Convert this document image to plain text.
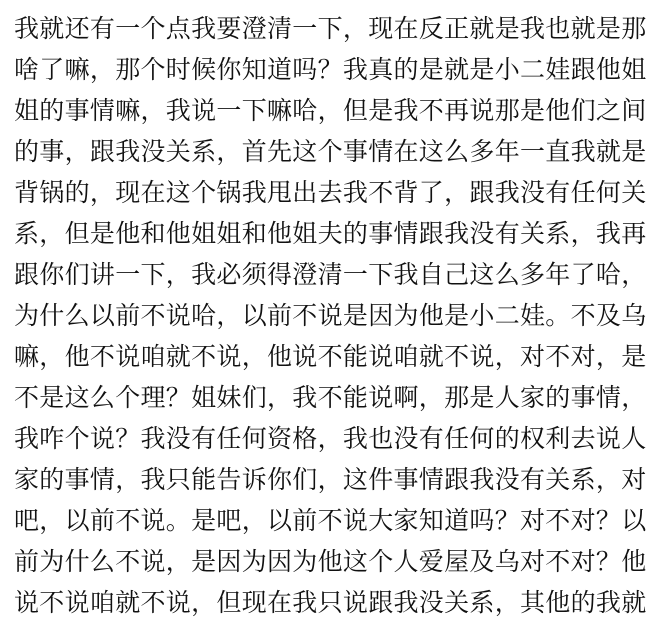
我就还有一个点我要澄清一下，现在反正就是我也就是那
啥了嘛，那个时候你知道吗？我真的是就是小二娃跟他姐
姐的事情嘛，我说一下嘛哈，但是我不再说那是他们之间
的事，跟我没关系，首先这个事情在这么多年一直我就是
背锅的，现在这个锅我甩出去我不背了，跟我没有任何关
系，但是他和他姐姐和他姐夫的事情跟我没有关系，我再
跟你们讲一下，我必须得澄清一下我自己这么多年了哈，
为什么以前不说哈，以前不说是因为他是小二娃。不及乌
嘛，他不说咱就不说，他说不能说咱就不说，对不对，是
不是这么个理？姐妹们，我不能说啊，那是人家的事情，
我咋个说？我没有任何资格，我也没有任何的权利去说人
家的事情，我只能告诉你们，这件事情跟我没有关系，对
吧，以前不说。是吧，以前不说大家知道吗？对不对？以
前为什么不说，是因为因为他这个人爱屋及乌对不对？他
说不说咱就不说，但现在我只说跟我没关系，其他的我就
